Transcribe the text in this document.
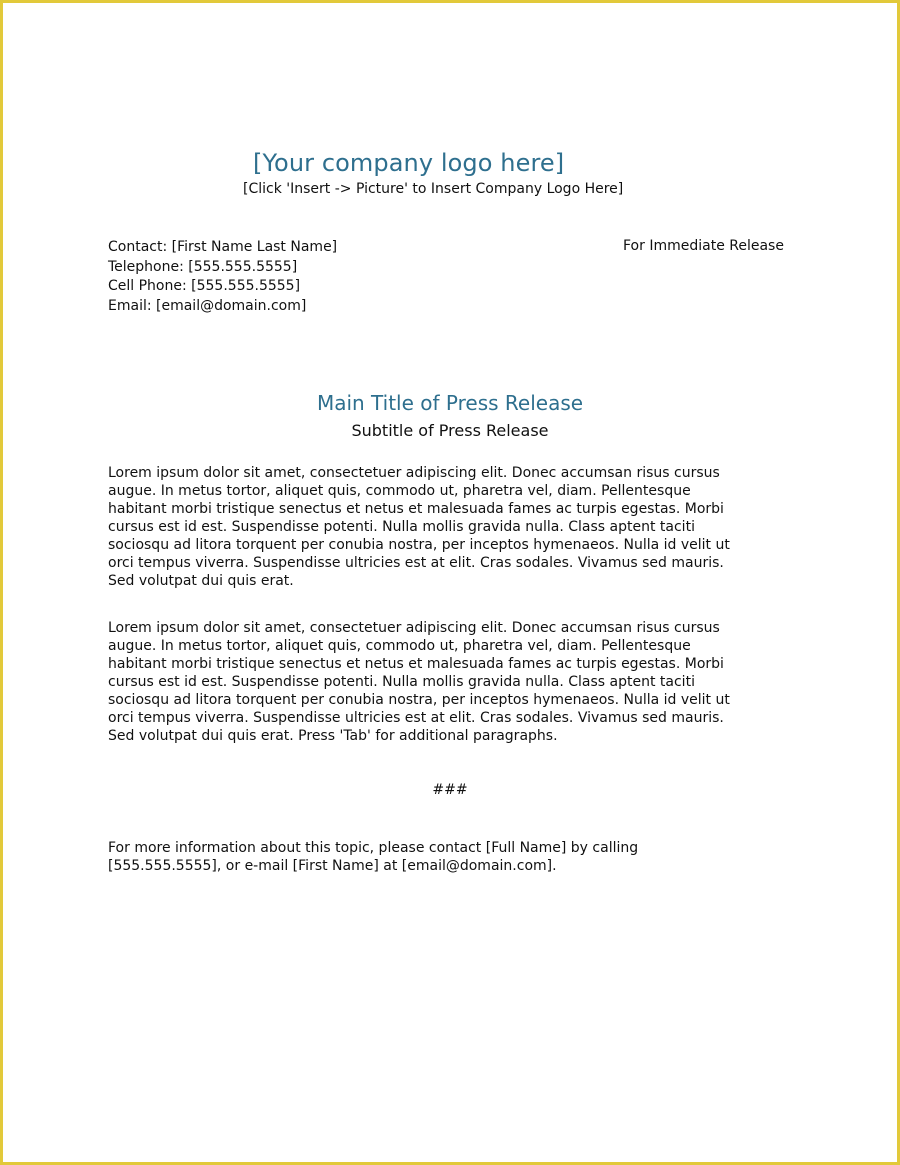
[Your company logo here]
[Click 'Insert -> Picture' to Insert Company Logo Here]
Contact: [First Name Last Name]
Telephone: [555.555.5555]
Cell Phone: [555.555.5555]
Email: [email@domain.com]
For Immediate Release
Main Title of Press Release
Subtitle of Press Release

Lorem ipsum dolor sit amet, consectetuer adipiscing elit. Donec accumsan risus cursus
augue. In metus tortor, aliquet quis, commodo ut, pharetra vel, diam. Pellentesque
habitant morbi tristique senectus et netus et malesuada fames ac turpis egestas. Morbi
cursus est id est. Suspendisse potenti. Nulla mollis gravida nulla. Class aptent taciti
sociosqu ad litora torquent per conubia nostra, per inceptos hymenaeos. Nulla id velit ut
orci tempus viverra. Suspendisse ultricies est at elit. Cras sodales. Vivamus sed mauris.
Sed volutpat dui quis erat.

Lorem ipsum dolor sit amet, consectetuer adipiscing elit. Donec accumsan risus cursus
augue. In metus tortor, aliquet quis, commodo ut, pharetra vel, diam. Pellentesque
habitant morbi tristique senectus et netus et malesuada fames ac turpis egestas. Morbi
cursus est id est. Suspendisse potenti. Nulla mollis gravida nulla. Class aptent taciti
sociosqu ad litora torquent per conubia nostra, per inceptos hymenaeos. Nulla id velit ut
orci tempus viverra. Suspendisse ultricies est at elit. Cras sodales. Vivamus sed mauris.
Sed volutpat dui quis erat. Press 'Tab' for additional paragraphs.

###
For more information about this topic, please contact [Full Name] by calling
[555.555.5555], or e-mail [First Name] at [email@domain.com].
